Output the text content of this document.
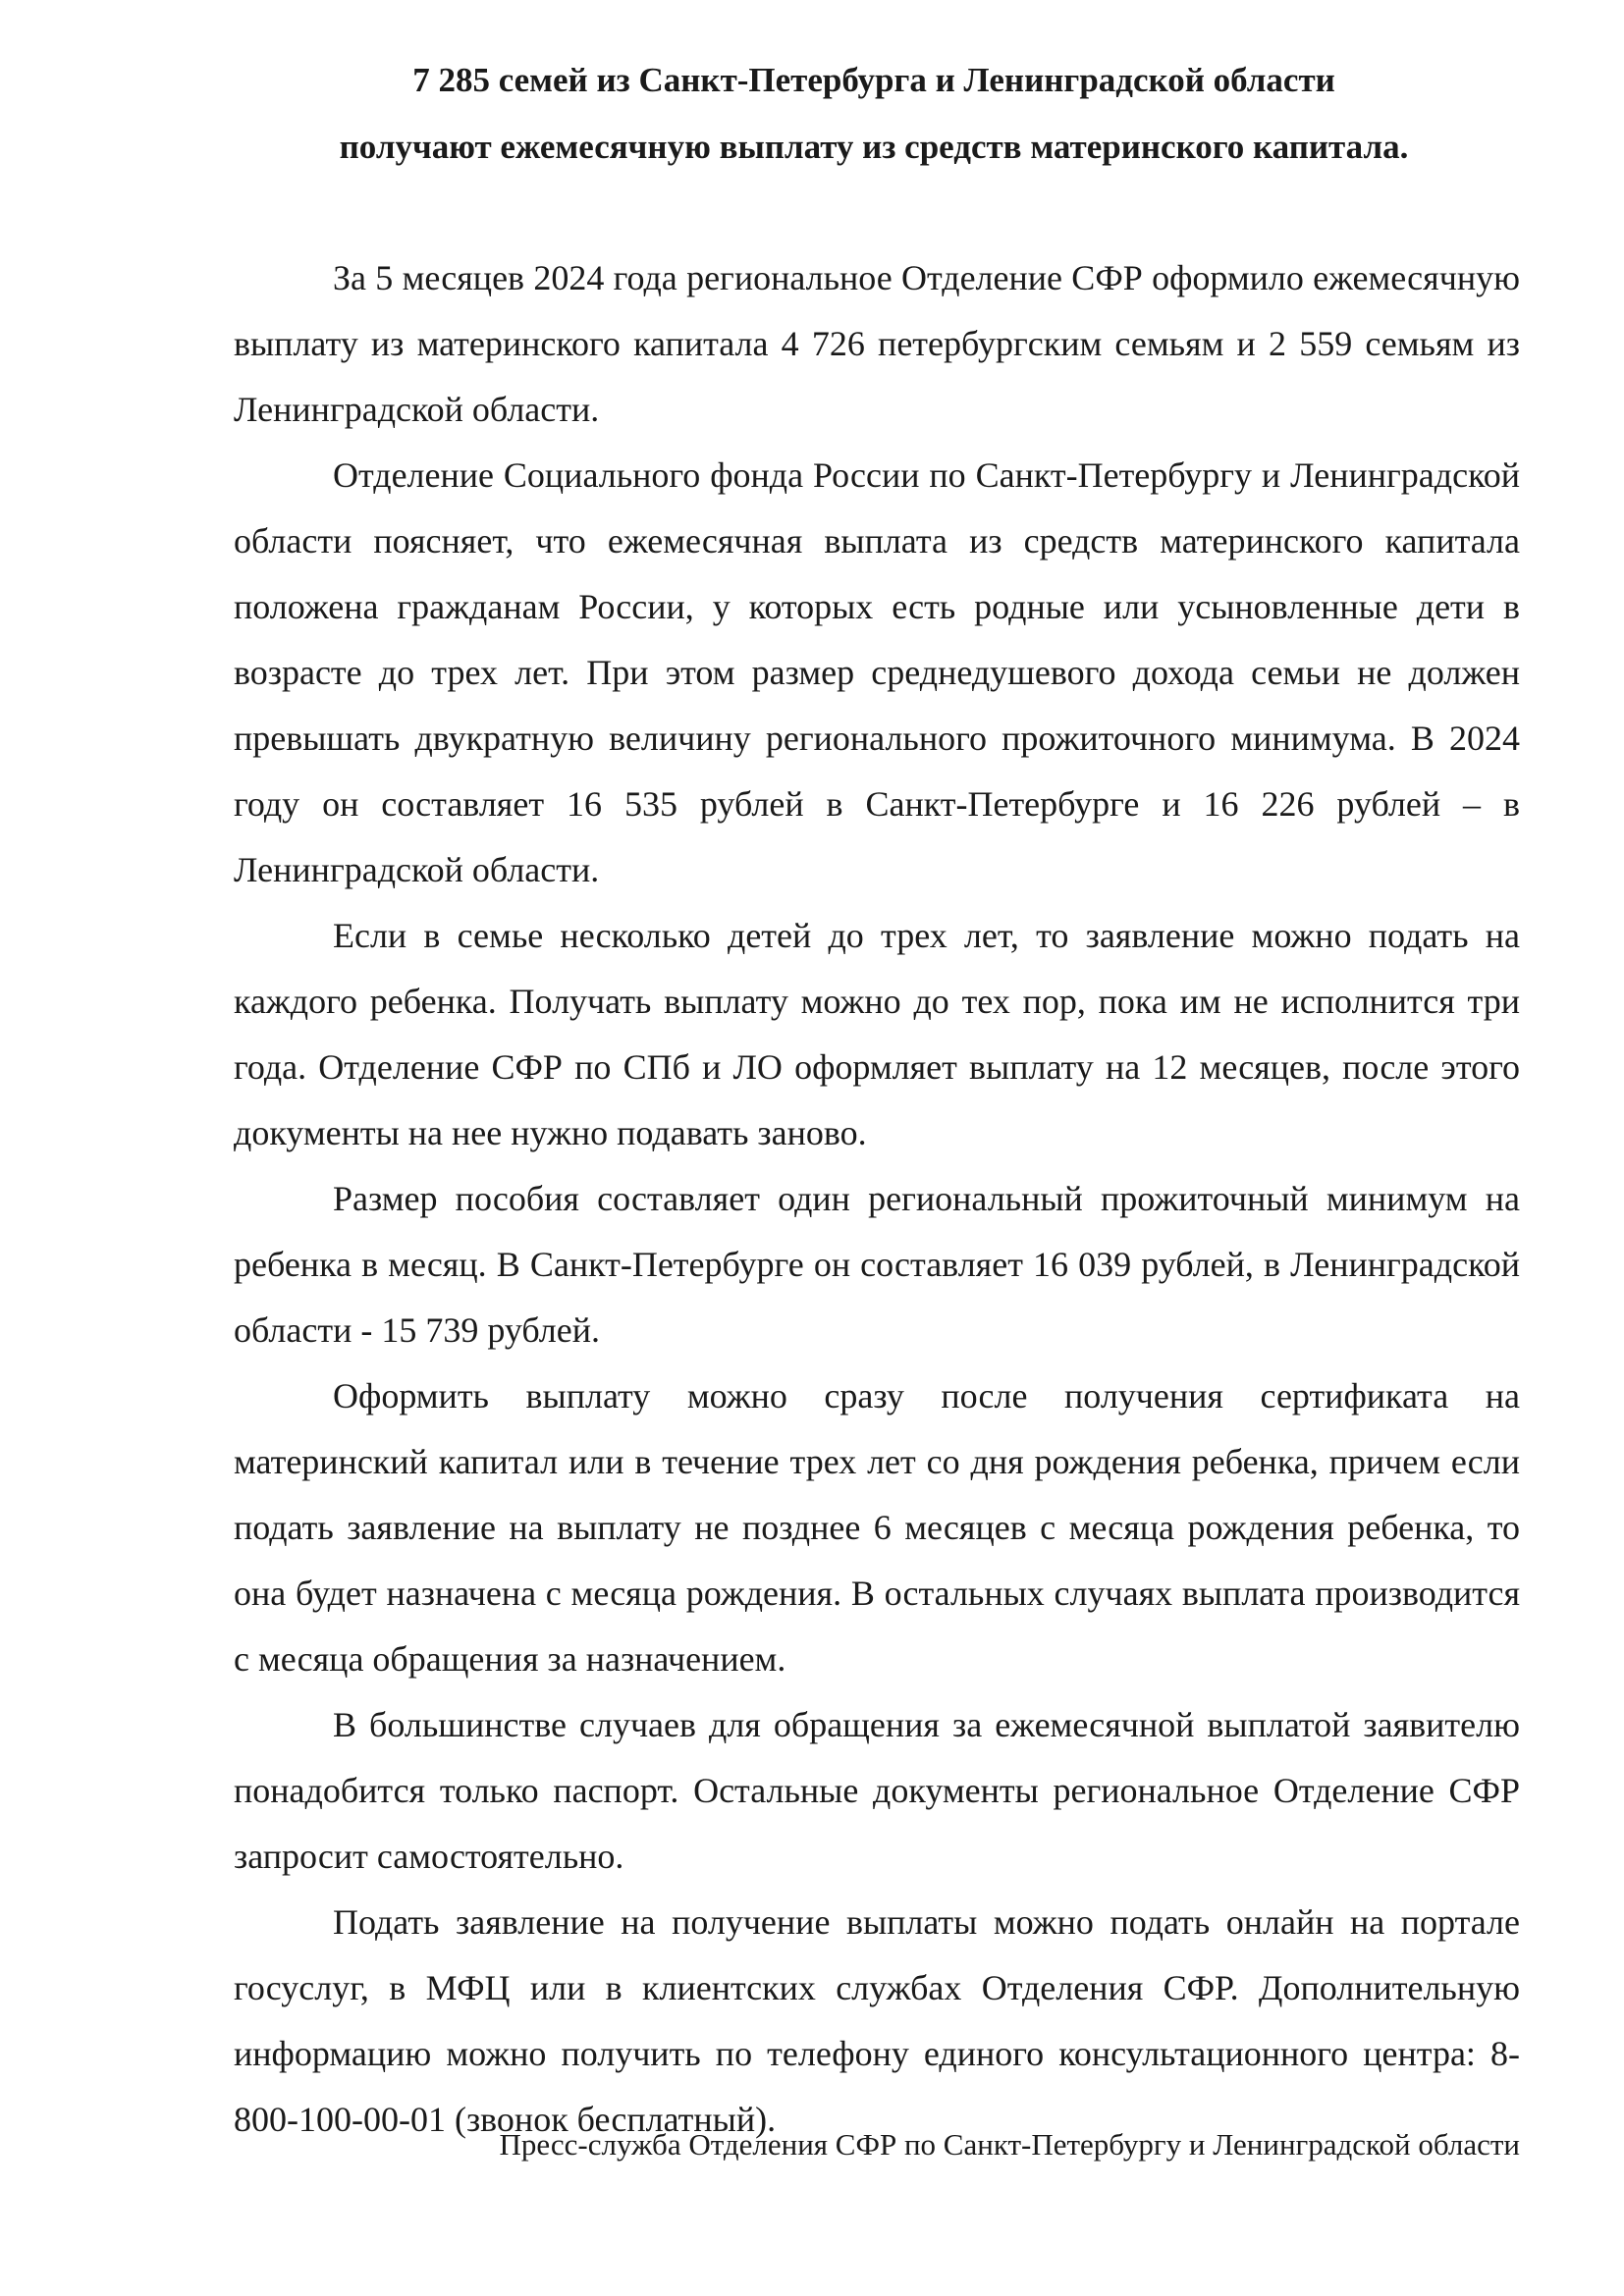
7 285 семей из Санкт-Петербурга и Ленинградской области
получают ежемесячную выплату из средств материнского капитала.

За 5 месяцев 2024 года региональное Отделение СФР оформило ежемесячную выплату из материнского капитала 4 726 петербургским семьям и 2 559 семьям из Ленинградской области.

Отделение Социального фонда России по Санкт-Петербургу и Ленинградской области поясняет, что ежемесячная выплата из средств материнского капитала положена гражданам России, у которых есть родные или усыновленные дети в возрасте до трех лет. При этом размер среднедушевого дохода семьи не должен превышать двукратную величину регионального прожиточного минимума. В 2024 году он составляет 16 535 рублей в Санкт-Петербурге и 16 226 рублей – в Ленинградской области.

Если в семье несколько детей до трех лет, то заявление можно подать на каждого ребенка. Получать выплату можно до тех пор, пока им не исполнится три года. Отделение СФР по СПб и ЛО оформляет выплату на 12 месяцев, после этого документы на нее нужно подавать заново.

Размер пособия составляет один региональный прожиточный минимум на ребенка в месяц. В Санкт-Петербурге он составляет 16 039 рублей, в Ленинградской области - 15 739 рублей.

Оформить выплату можно сразу после получения сертификата на материнский капитал или в течение трех лет со дня рождения ребенка, причем если подать заявление на выплату не позднее 6 месяцев с месяца рождения ребенка, то она будет назначена с месяца рождения. В остальных случаях выплата производится с месяца обращения за назначением.

В большинстве случаев для обращения за ежемесячной выплатой заявителю понадобится только паспорт. Остальные документы региональное Отделение СФР запросит самостоятельно.

Подать заявление на получение выплаты можно подать онлайн на портале госуслуг, в МФЦ или в клиентских службах Отделения СФР. Дополнительную информацию можно получить по телефону единого консультационного центра: 8-800-100-00-01 (звонок бесплатный).

Пресс-служба Отделения СФР по Санкт-Петербургу и Ленинградской области
